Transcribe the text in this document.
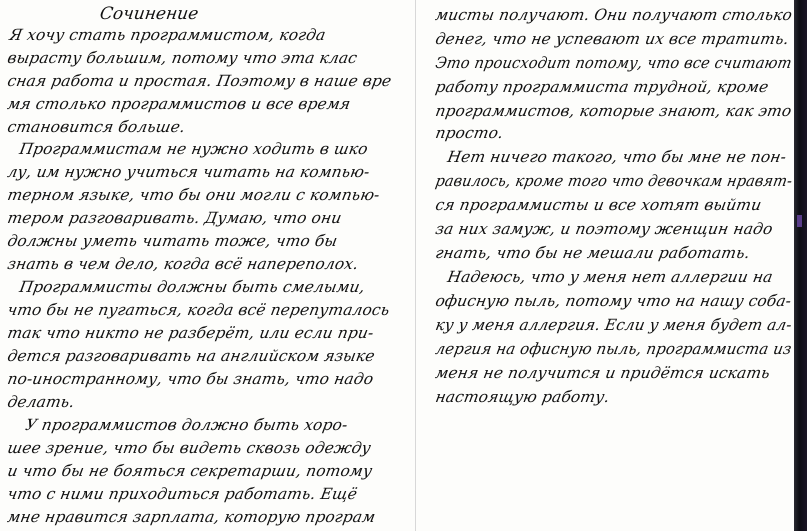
Сочинение
Я хочу стать программистом, когда
вырасту большим, потому что эта клас
сная работа и простая. Поэтому в наше вре
мя столько программистов и все время
становится больше.
Программистам не нужно ходить в шко
лу, им нужно учиться читать на компью-
терном языке, что бы они могли с компью-
тером разговаривать. Думаю, что они
должны уметь читать тоже, что бы
знать в чем дело, когда всё напереполох.
Программисты должны быть смелыми,
что бы не пугаться, когда всё перепуталось
так что никто не разберёт, или если при-
дется разговаривать на английском языке
по-иностранному, что бы знать, что надо
делать.
У программистов должно быть хоро-
шее зрение, что бы видеть сквозь одежду
и что бы не бояться секретарши, потому
что с ними приходиться работать. Ещё
мне нравится зарплата, которую програм
мисты получают. Они получают столько
денег, что не успевают их все тратить.
Это происходит потому, что все считают
работу программиста трудной, кроме
программистов, которые знают, как это
просто.
Нет ничего такого, что бы мне не пон-
равилось, кроме того что девочкам нравят-
ся программисты и все хотят выйти
за них замуж, и поэтому женщин надо
гнать, что бы не мешали работать.
Надеюсь, что у меня нет аллергии на
офисную пыль, потому что на нашу соба-
ку у меня аллергия. Если у меня будет ал-
лергия на офисную пыль, программиста из
меня не получится и придётся искать
настоящую работу.
